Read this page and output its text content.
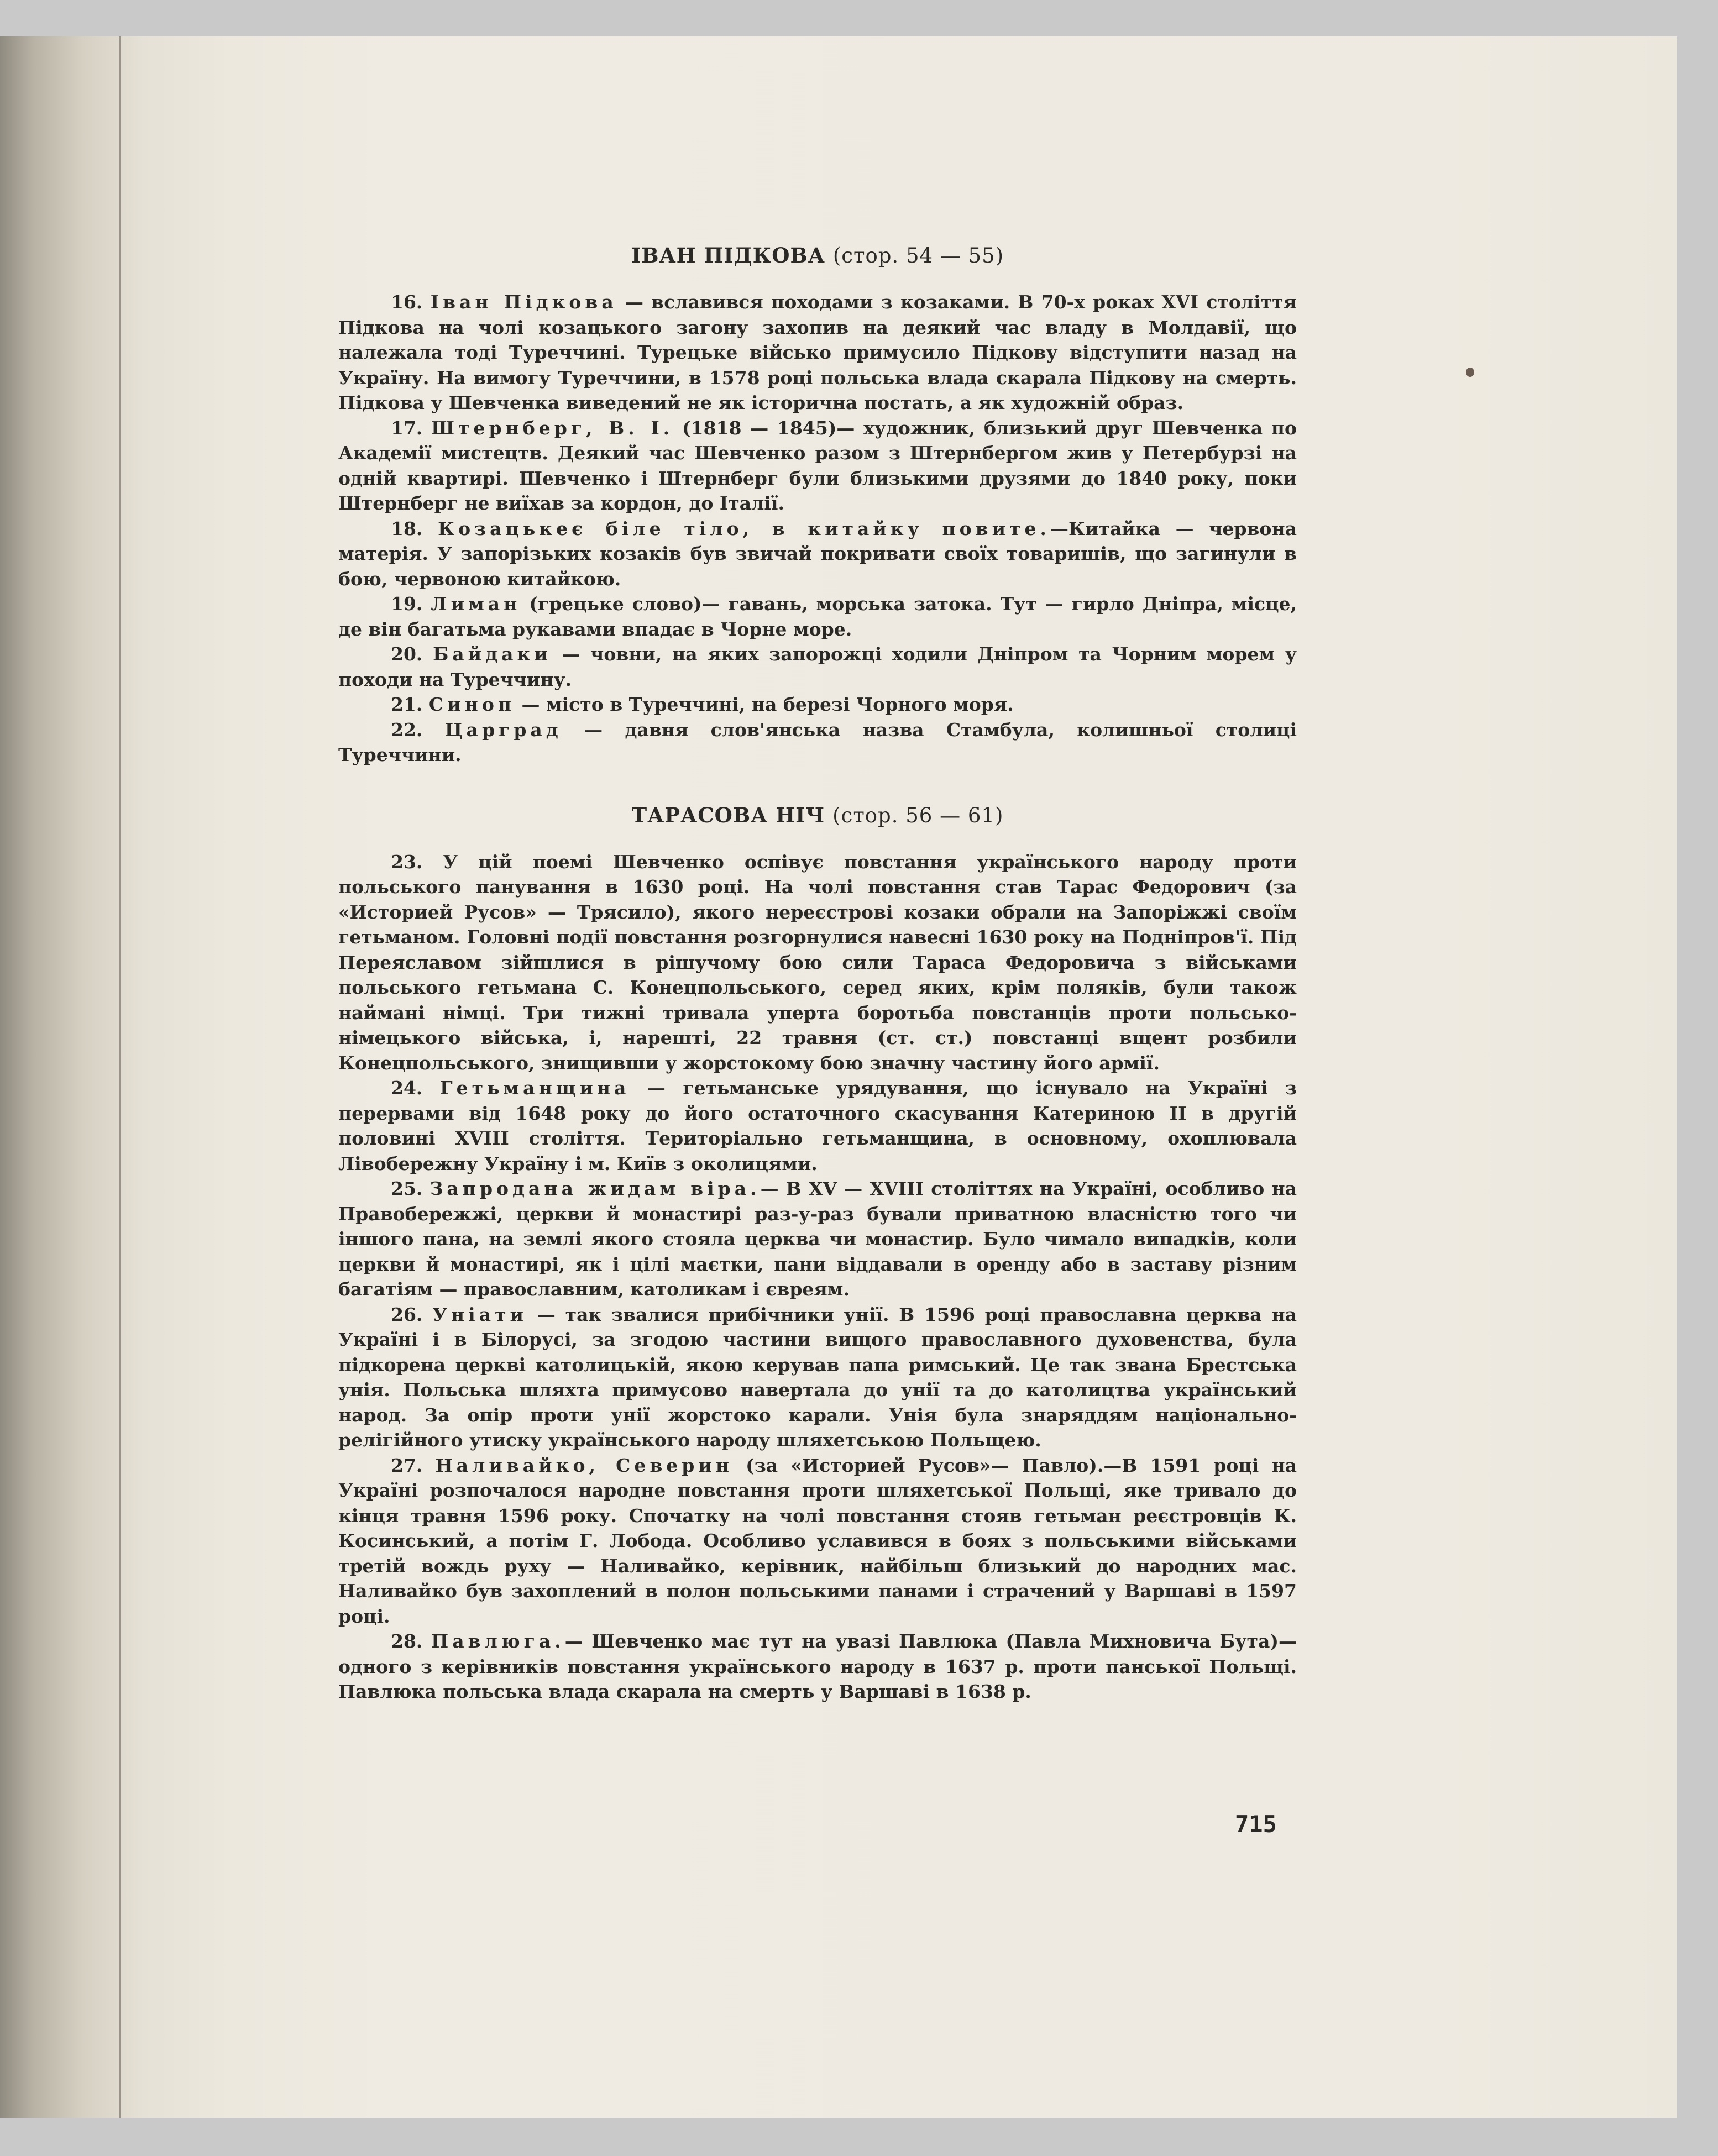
ІВАН ПІДКОВА (стор. 54 — 55)

16. Іван Підкова — вславився походами з козаками. В 70-х роках XVI століття Підкова на чолі козацького загону захопив на деякий час владу в Молдавії, що належала тоді Туреччині. Турецьке військо примусило Підкову відступити назад на Україну. На вимогу Туреччини, в 1578 році польська влада скарала Підкову на смерть. Підкова у Шевченка виведений не як історична постать, а як художній образ.

17. Штернберг, В. І. (1818 — 1845)— художник, близький друг Шевченка по Академії мистецтв. Деякий час Шевченко разом з Штернбергом жив у Петербурзі на одній квартирі. Шевченко і Штернберг були близькими друзями до 1840 року, поки Штернберг не виїхав за кордон, до Італії.

18. Козацькеє біле тіло, в китайку повите.—Китайка — червона матерія. У запорізьких козаків був звичай покривати своїх товаришів, що загинули в бою, червоною китайкою.

19. Лиман (грецьке слово)— гавань, морська затока. Тут — гирло Дніпра, місце, де він багатьма рукавами впадає в Чорне море.

20. Байдаки — човни, на яких запорожці ходили Дніпром та Чорним морем у походи на Туреччину.

21. Синоп — місто в Туреччині, на березі Чорного моря.

22. Царград — давня слов'янська назва Стамбула, колишньої столиці Туреччини.

ТАРАСОВА НІЧ (стор. 56 — 61)

23. У цій поемі Шевченко оспівує повстання українського народу проти польського панування в 1630 році. На чолі повстання став Тарас Федорович (за «Историей Русов» — Трясило), якого нереєстрові козаки обрали на Запоріжжі своїм гетьманом. Головні події повстання розгорнулися навесні 1630 року на Подніпров'ї. Під Переяславом зійшлися в рішучому бою сили Тараса Федоровича з військами польського гетьмана С. Конецпольського, серед яких, крім поляків, були також наймані німці. Три тижні тривала уперта боротьба повстанців проти польсько-німецького війська, і, нарешті, 22 травня (ст. ст.) повстанці вщент розбили Конецпольського, знищивши у жорстокому бою значну частину його армії.

24. Гетьманщина — гетьманське урядування, що існувало на Україні з перервами від 1648 року до його остаточного скасування Катериною II в другій половині XVIII століття. Територіально гетьманщина, в основному, охоплювала Лівобережну Україну і м. Київ з околицями.

25. Запродана жидам віра.— В XV — XVIII століттях на Україні, особливо на Правобережжі, церкви й монастирі раз-у-раз бували приватною власністю того чи іншого пана, на землі якого стояла церква чи монастир. Було чимало випадків, коли церкви й монастирі, як і цілі маєтки, пани віддавали в оренду або в заставу різним багатіям — православним, католикам і євреям.

26. Уніати — так звалися прибічники унії. В 1596 році православна церква на Україні і в Білорусі, за згодою частини вищого православного духовенства, була підкорена церкві католицькій, якою керував папа римський. Це так звана Брестська унія. Польська шляхта примусово навертала до унії та до католицтва український народ. За опір проти унії жорстоко карали. Унія була знаряддям національно-релігійного утиску українського народу шляхетською Польщею.

27. Наливайко, Северин (за «Историей Русов»— Павло).—В 1591 році на Україні розпочалося народне повстання проти шляхетської Польщі, яке тривало до кінця травня 1596 року. Спочатку на чолі повстання стояв гетьман реєстровців К. Косинський, а потім Г. Лобода. Особливо уславився в боях з польськими військами третій вождь руху — Наливайко, керівник, найбільш близький до народних мас. Наливайко був захоплений в полон польськими панами і страчений у Варшаві в 1597 році.

28. Павлюга.— Шевченко має тут на увазі Павлюка (Павла Михновича Бута)— одного з керівників повстання українського народу в 1637 р. проти панської Польщі. Павлюка польська влада скарала на смерть у Варшаві в 1638 р.

715
